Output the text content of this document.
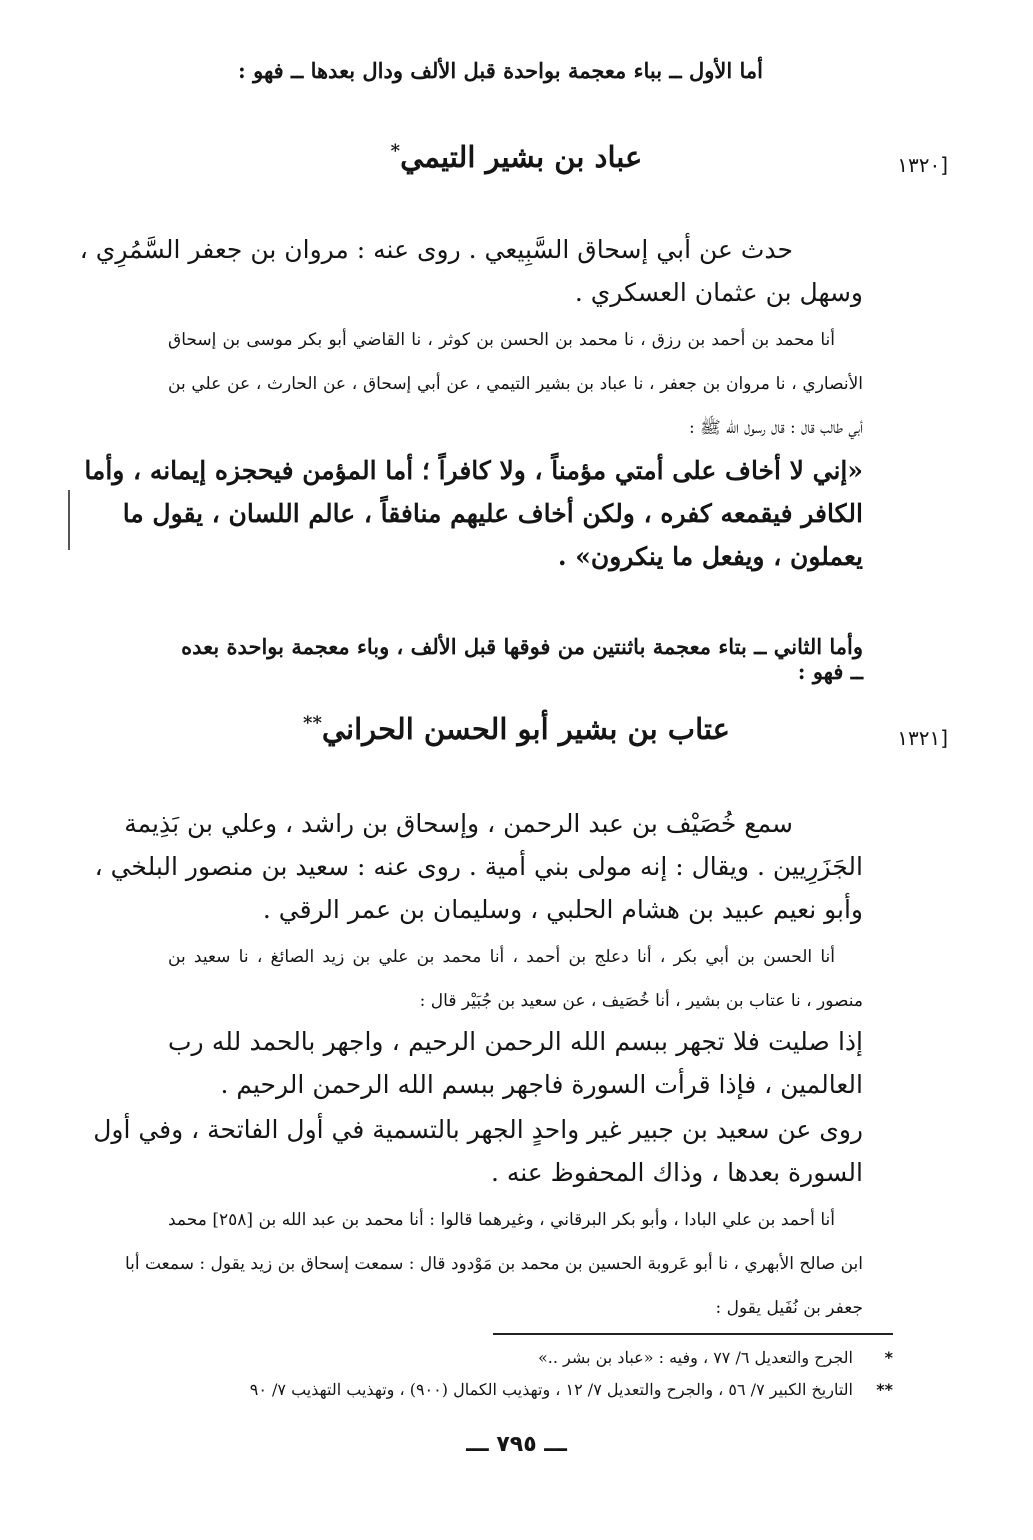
أما الأول ــ بباء معجمة بواحدة قبل الألف ودال بعدها ــ فهو :
[١٣٢٠
عباد بن بشير التيمي*
حدث عن أبي إسحاق السَّبِيعي . روى عنه : مروان بن جعفر السَّمُرِي ،
وسهل بن عثمان العسكري .
أنا محمد بن أحمد بن رزق ، نا محمد بن الحسن بن كوثر ، نا القاضي أبو بكر موسى بن إسحاق
الأنصاري ، نا مروان بن جعفر ، نا عباد بن بشير التيمي ، عن أبي إسحاق ، عن الحارث ، عن علي بن
أبي طالب قال : قال رسول الله ﷺ :
«إني لا أخاف على أمتي مؤمناً ، ولا كافراً ؛ أما المؤمن فيحجزه إيمانه ، وأما
الكافر فيقمعه كفره ، ولكن أخاف عليهم منافقاً ، عالم اللسان ، يقول ما
يعملون ، ويفعل ما ينكرون» .
وأما الثاني ــ بتاء معجمة باثنتين من فوقها قبل الألف ، وباء معجمة بواحدة بعده ــ فهو :
[١٣٢١
عتاب بن بشير أبو الحسن الحراني**
سمع خُصَيْف بن عبد الرحمن ، وإسحاق بن راشد ، وعلي بن بَذِيمة
الجَزَرِيين . ويقال : إنه مولى بني أمية . روى عنه : سعيد بن منصور البلخي ،
وأبو نعيم عبيد بن هشام الحلبي ، وسليمان بن عمر الرقي .
أنا الحسن بن أبي بكر ، أنا دعلج بن أحمد ، أنا محمد بن علي بن زيد الصائغ ، نا سعيد بن
منصور ، نا عتاب بن بشير ، أنا خُصَيف ، عن سعيد بن جُبَيْر قال :
إذا صليت فلا تجهر ببسم الله الرحمن الرحيم ، واجهر بالحمد لله رب
العالمين ، فإذا قرأت السورة فاجهر ببسم الله الرحمن الرحيم .
روى عن سعيد بن جبير غير واحدٍ الجهر بالتسمية في أول الفاتحة ، وفي أول
السورة بعدها ، وذاك المحفوظ عنه .
أنا أحمد بن علي البادا ، وأبو بكر البرقاني ، وغيرهما قالوا : أنا محمد بن عبد الله بن [٢٥٨] محمد
ابن صالح الأبهري ، نا أبو عَروبة الحسين بن محمد بن مَوْدود قال : سمعت إسحاق بن زيد يقول : سمعت أبا
جعفر بن نُفَيل يقول :
*الجرح والتعديل ٦/ ٧٧ ، وفيه : «عباد بن بشر ..»
**التاريخ الكبير ٧/ ٥٦ ، والجرح والتعديل ٧/ ١٢ ، وتهذيب الكمال (٩٠٠) ، وتهذيب التهذيب ٧/ ٩٠
ـــ ٧٩٥ ـــ
